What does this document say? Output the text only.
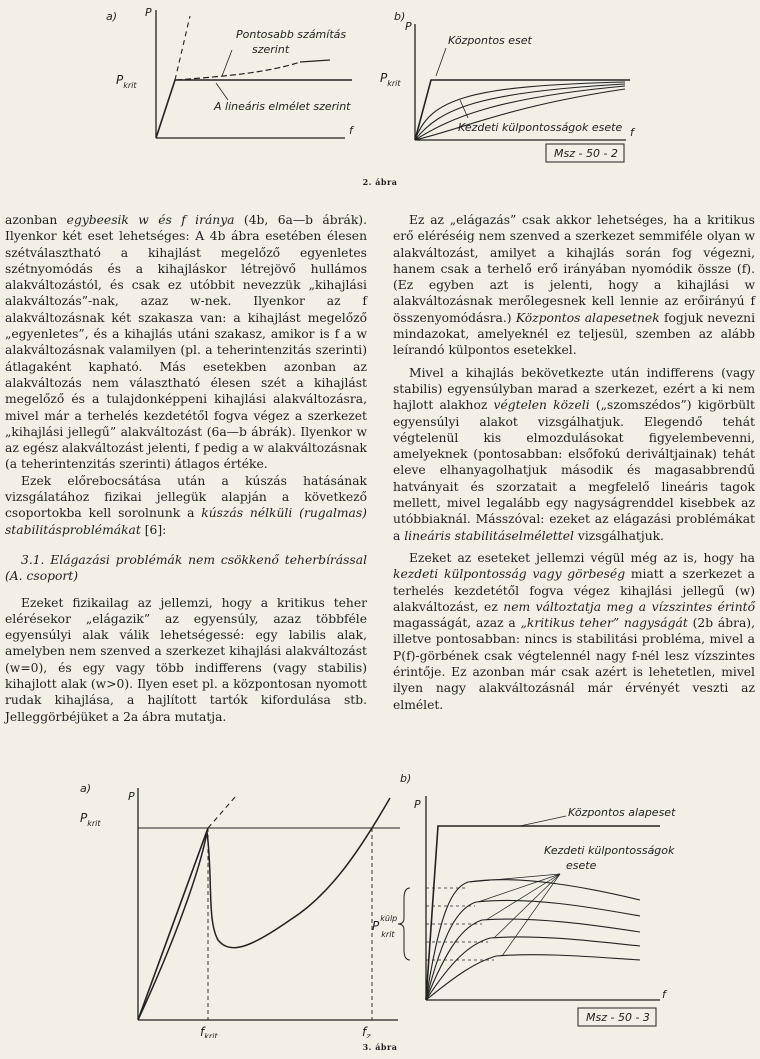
a)	P
f
$P_{krit}$
Pontosabb számítás
szerint
A lineáris elmélet szerint
b)
P
f
$P_{krit}$
Központos eset
Kezdeti külpontosságok esete
Msz - 50 - 2
2. ábra

azonban egybeesik w és f iránya (4b, 6a—b ábrák). Ilyenkor két eset lehetséges: A 4b ábra esetében élesen szétválasztható a kihajlást megelőző egyenletes szétnyomódás és a kihajláskor létrejövő hullámos alakváltozástól, és csak ez utóbbit nevezzük „kihajlási alakváltozás”-nak, azaz w-nek. Ilyenkor az f alakváltozásnak két szakasza van: a kihajlást megelőző „egyenletes”, és a kihajlás utáni szakasz, amikor is f a w alakváltozásnak valamilyen (pl. a teherintenzitás szerinti) átlagaként kapható. Más esetekben azonban az alakváltozás nem választható élesen szét a kihajlást megelőző és a tulajdonképpeni kihajlási alakváltozásra, mivel már a terhelés kezdetétől fogva végez a szerkezet „kihajlási jellegű” alakváltozást (6a—b ábrák). Ilyenkor w az egész alakváltozást jelenti, f pedig a w alakváltozásnak (a teherintenzitás szerinti) átlagos értéke.

Ezek előrebocsátása után a kúszás hatásának vizsgálatához fizikai jellegük alapján a következő csoportokba kell sorolnunk a kúszás nélküli (rugalmas) stabilitásproblémákat [6]:

3.1. Elágazási problémák nem csökkenő teherbírással (A. csoport)

Ezeket fizikailag az jellemzi, hogy a kritikus teher elérésekor „elágazik” az egyensúly, azaz többféle egyensúlyi alak válik lehetségessé: egy labilis alak, amelyben nem szenved a szerkezet kihajlási alakváltozást (w=0), és egy vagy több indifferens (vagy stabilis) kihajlott alak (w>0). Ilyen eset pl. a központosan nyomott rudak kihajlása, a hajlított tartók kifordulása stb. Jelleggörbéjüket a 2a ábra mutatja.

Ez az „elágazás” csak akkor lehetséges, ha a kritikus erő eléréséig nem szenved a szerkezet semmiféle olyan w alakváltozást, amilyet a kihajlás során fog végezni, hanem csak a terhelő erő irányában nyomódik össze (f). (Ez egyben azt is jelenti, hogy a kihajlási w alakváltozásnak merőlegesnek kell lennie az erőirányú f összenyomódásra.) Központos alapesetnek fogjuk nevezni mindazokat, amelyeknél ez teljesül, szemben az alább leírandó külpontos esetekkel.

Mivel a kihajlás bekövetkezte után indifferens (vagy stabilis) egyensúlyban marad a szerkezet, ezért a ki nem hajlott alakhoz végtelen közeli („szomszédos”) kigörbült egyensúlyi alakot vizsgálhatjuk. Elegendő tehát végtelenül kis elmozdulásokat figyelembevenni, amelyeknek (pontosabban: elsőfokú deriváltjainak) tehát eleve elhanyagolhatjuk második és magasabbrendű hatványait és szorzatait a megfelelő lineáris tagok mellett, mivel legalább egy nagyságrenddel kisebbek az utóbbiaknál. Másszóval: ezeket az elágazási problémákat a lineáris stabilitáselmélettel vizsgálhatjuk.

Ezeket az eseteket jellemzi végül még az is, hogy ha kezdeti külpontosság vagy görbeség miatt a szerkezet a terhelés kezdetétől fogva végez kihajlási jellegű (w) alakváltozást, ez nem változtatja meg a vízszintes érintő magasságát, azaz a „kritikus teher” nagyságát (2b ábra), illetve pontosabban: nincs is stabilitási probléma, mivel a P(f)-görbének csak végtelennél nagy f-nél lesz vízszintes érintője. Ez azonban már csak azért is lehetetlen, mivel ilyen nagy alakváltozásnál már érvényét veszti az elmélet.

a)
P
$P_{krit}$
$f_{krit}$	$f_z$
b)
P
f
Központos alapeset
Kezdeti külpontosságok
esete
$P^{külp}$ krit
Msz - 50 - 3
3. ábra
